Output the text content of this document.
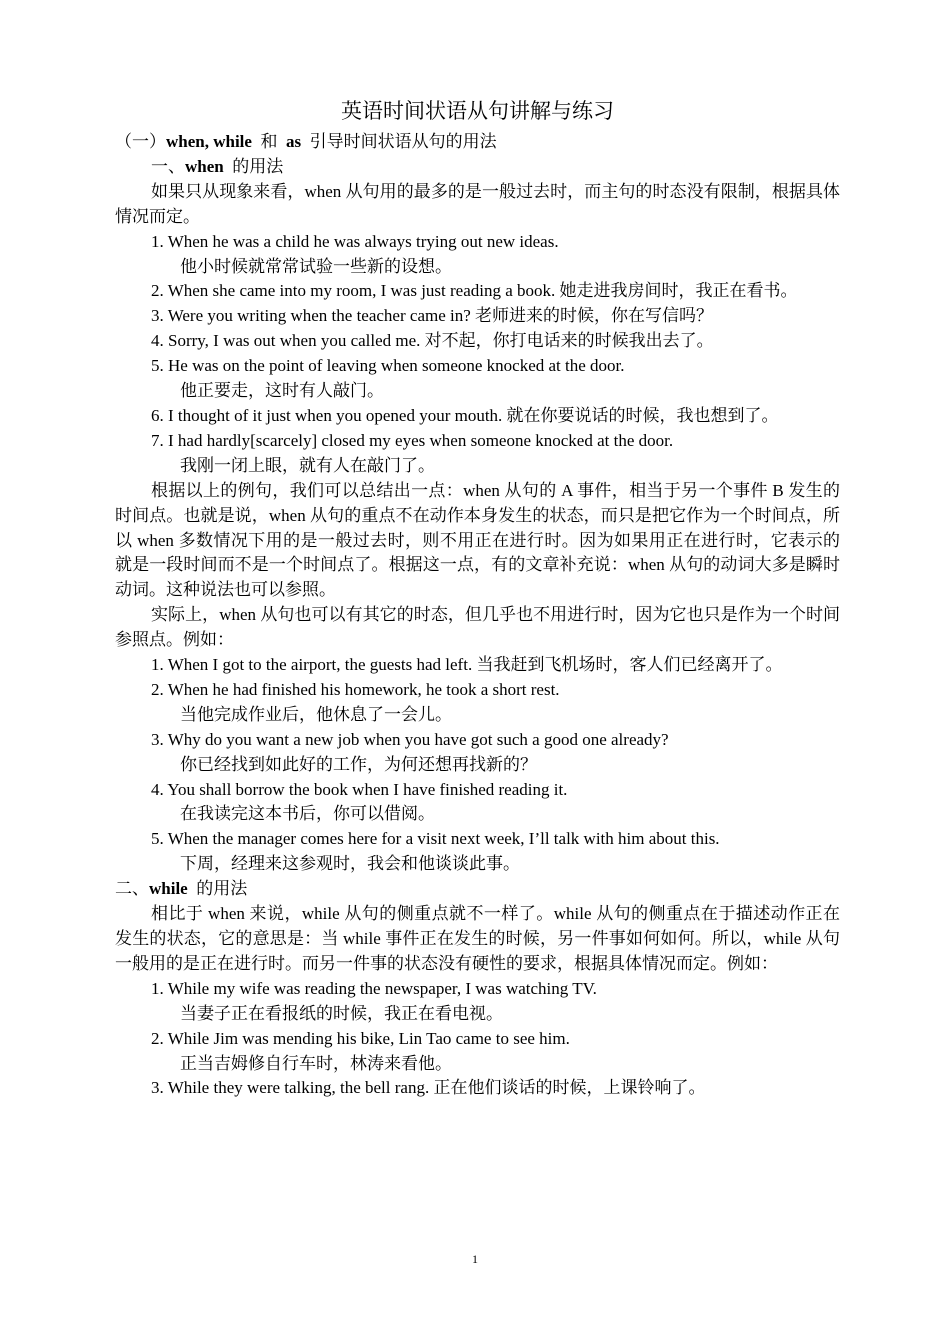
英语时间状语从句讲解与练习
（一）when, while  和  as  引导时间状语从句的用法
一、when  的用法

如果只从现象来看，when 从句用的最多的是一般过去时，而主句的时态没有限制，根据具体情况而定。

1. When he was a child he was always trying out new ideas.

他小时候就常常试验一些新的设想。

2. When she came into my room, I was just reading a book. 她走进我房间时，我正在看书。

3. Were you writing when the teacher came in? 老师进来的时候，你在写信吗？

4. Sorry, I was out when you called me. 对不起，你打电话来的时候我出去了。

5. He was on the point of leaving when someone knocked at the door.

他正要走，这时有人敲门。

6. I thought of it just when you opened your mouth. 就在你要说话的时候，我也想到了。

7. I had hardly[scarcely] closed my eyes when someone knocked at the door.

我刚一闭上眼，就有人在敲门了。

根据以上的例句，我们可以总结出一点：when 从句的 A 事件，相当于另一个事件 B 发生的时间点。也就是说，when 从句的重点不在动作本身发生的状态，而只是把它作为一个时间点，所以 when 多数情况下用的是一般过去时，则不用正在进行时。因为如果用正在进行时，它表示的就是一段时间而不是一个时间点了。根据这一点，有的文章补充说：when 从句的动词大多是瞬时动词。这种说法也可以参照。

实际上，when 从句也可以有其它的时态，但几乎也不用进行时，因为它也只是作为一个时间参照点。例如：

1. When I got to the airport, the guests had left. 当我赶到飞机场时，客人们已经离开了。

2. When he had finished his homework, he took a short rest.

当他完成作业后，他休息了一会儿。

3. Why do you want a new job when you have got such a good one already?

你已经找到如此好的工作，为何还想再找新的？

4. You shall borrow the book when I have finished reading it.

在我读完这本书后，你可以借阅。

5. When the manager comes here for a visit next week, I’ll talk with him about this.

下周，经理来这参观时，我会和他谈谈此事。

二、while  的用法

相比于 when 来说，while 从句的侧重点就不一样了。while 从句的侧重点在于描述动作正在发生的状态，它的意思是：当 while 事件正在发生的时候，另一件事如何如何。所以，while 从句一般用的是正在进行时。而另一件事的状态没有硬性的要求，根据具体情况而定。例如：

1. While my wife was reading the newspaper, I was watching TV.

当妻子正在看报纸的时候，我正在看电视。

2. While Jim was mending his bike, Lin Tao came to see him.

正当吉姆修自行车时，林涛来看他。

3. While they were talking, the bell rang. 正在他们谈话的时候，上课铃响了。

1
